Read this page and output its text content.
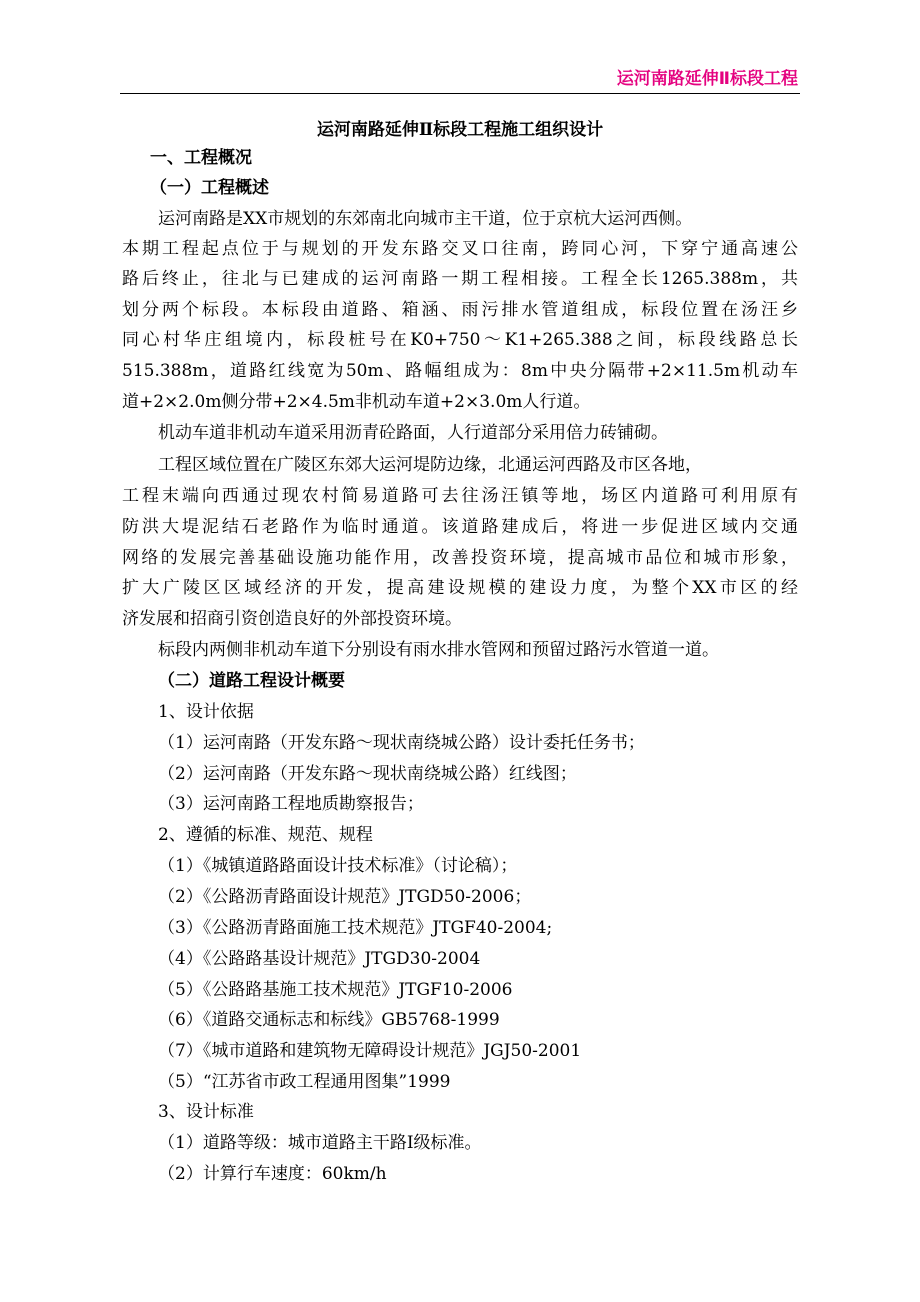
运河南路延伸Ⅱ标段工程
运河南路延伸Ⅱ标段工程施工组织设计
一、工程概况
（一）工程概述
运河南路是XX市规划的东郊南北向城市主干道，位于京杭大运河西侧。
本期工程起点位于与规划的开发东路交叉口往南，跨同心河，下穿宁通高速公
路后终止，往北与已建成的运河南路一期工程相接。工程全长1265.388m，共
划分两个标段。本标段由道路、箱涵、雨污排水管道组成，标段位置在汤汪乡
同心村华庄组境内，标段桩号在K0+750～K1+265.388之间，标段线路总长
515.388m，道路红线宽为50m、路幅组成为：8m中央分隔带+2×11.5m机动车
道+2×2.0m侧分带+2×4.5m非机动车道+2×3.0m人行道。
机动车道非机动车道采用沥青砼路面，人行道部分采用倍力砖铺砌。
工程区域位置在广陵区东郊大运河堤防边缘，北通运河西路及市区各地，
工程末端向西通过现农村简易道路可去往汤汪镇等地，场区内道路可利用原有
防洪大堤泥结石老路作为临时通道。该道路建成后，将进一步促进区域内交通
网络的发展完善基础设施功能作用，改善投资环境，提高城市品位和城市形象，
扩大广陵区区域经济的开发，提高建设规模的建设力度，为整个XX市区的经
济发展和招商引资创造良好的外部投资环境。
标段内两侧非机动车道下分别设有雨水排水管网和预留过路污水管道一道。
（二）道路工程设计概要
1、设计依据
（1）运河南路（开发东路～现状南绕城公路）设计委托任务书；
（2）运河南路（开发东路～现状南绕城公路）红线图；
（3）运河南路工程地质勘察报告；
2、遵循的标准、规范、规程
（1）《城镇道路路面设计技术标准》（讨论稿）；
（2）《公路沥青路面设计规范》JTGD50-2006；
（3）《公路沥青路面施工技术规范》JTGF40-2004;
（4）《公路路基设计规范》JTGD30-2004
（5）《公路路基施工技术规范》JTGF10-2006
（6）《道路交通标志和标线》GB5768-1999
（7）《城市道路和建筑物无障碍设计规范》JGJ50-2001
（5）“江苏省市政工程通用图集”1999
3、设计标准
（1）道路等级：城市道路主干路Ⅰ级标准。
（2）计算行车速度：60km/h
